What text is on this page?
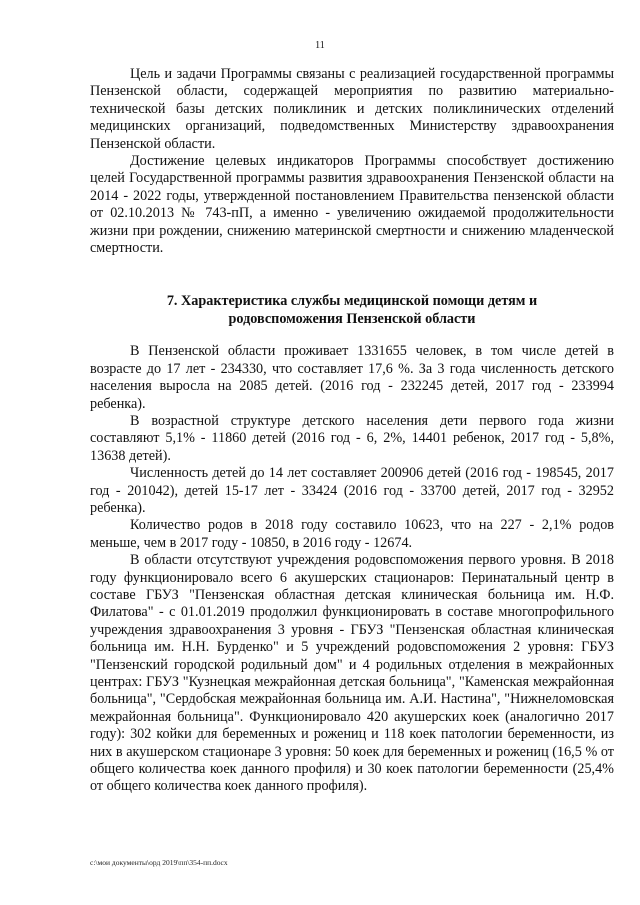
11

Цель и задачи Программы связаны с реализацией государственной программы Пензенской области, содержащей мероприятия по развитию материально-технической базы детских поликлиник и детских поликлинических отделений медицинских организаций, подведомственных Министерству здравоохранения Пензенской области.

Достижение целевых индикаторов Программы способствует достижению целей Государственной программы развития здравоохранения Пензенской области на 2014 - 2022 годы, утвержденной постановлением Правительства пензенской области от 02.10.2013 № 743-пП, а именно - увеличению ожидаемой продолжительности жизни при рождении, снижению материнской смертности и снижению младенческой смертности.

7. Характеристика службы медицинской помощи детям и
родовспоможения Пензенской области

В Пензенской области проживает 1331655 человек, в том числе детей в возрасте до 17 лет - 234330, что составляет 17,6 %. За 3 года численность детского населения выросла на 2085 детей. (2016 год - 232245 детей, 2017 год - 233994 ребенка).

В возрастной структуре детского населения дети первого года жизни составляют 5,1% - 11860 детей (2016 год - 6, 2%, 14401 ребенок, 2017 год - 5,8%, 13638 детей).

Численность детей до 14 лет составляет 200906 детей (2016 год - 198545, 2017 год - 201042), детей 15-17 лет - 33424 (2016 год - 33700 детей, 2017 год - 32952 ребенка).

Количество родов в 2018 году составило 10623, что на 227 - 2,1% родов меньше, чем в 2017 году - 10850, в 2016 году - 12674.

В области отсутствуют учреждения родовспоможения первого уровня. В 2018 году функционировало всего 6 акушерских стационаров: Перинатальный центр в составе ГБУЗ "Пензенская областная детская клиническая больница им. Н.Ф. Филатова" - с 01.01.2019 продолжил функционировать в составе многопрофильного учреждения здравоохранения 3 уровня - ГБУЗ "Пензенская областная клиническая больница им. Н.Н. Бурденко" и 5 учреждений родовспоможения 2 уровня: ГБУЗ "Пензенский городской родильный дом" и 4 родильных отделения в межрайонных центрах: ГБУЗ "Кузнецкая межрайонная детская больница", "Каменская межрайонная больница", "Сердобская межрайонная больница им. А.И. Настина", "Нижнеломовская межрайонная больница". Функционировало 420 акушерских коек (аналогично 2017 году): 302 койки для беременных и рожениц и 118 коек патологии беременности, из них в акушерском стационаре 3 уровня: 50 коек для беременных и рожениц (16,5 % от общего количества коек данного профиля) и 30 коек патологии беременности (25,4% от общего количества коек данного профиля).

c:\мои документы\орд 2019\пп\354-пп.docx
